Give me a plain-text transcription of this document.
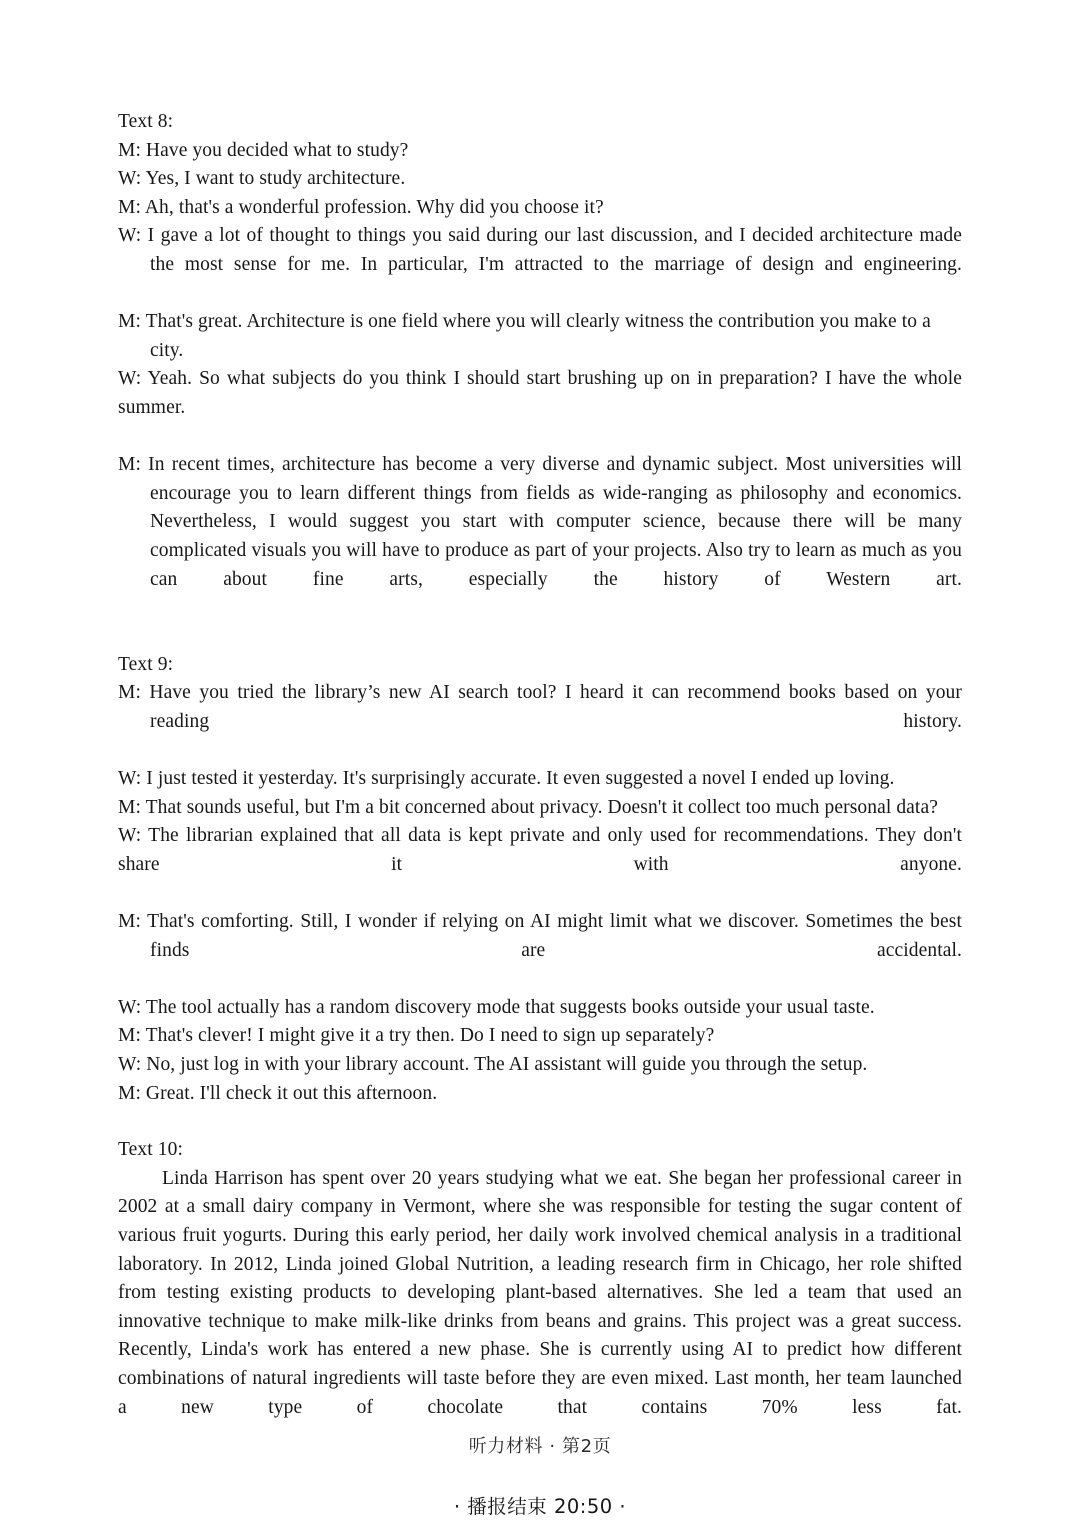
Text 8:

M: Have you decided what to study?

W: Yes, I want to study architecture.

M: Ah, that's a wonderful profession. Why did you choose it?

W: I gave a lot of thought to things you said during our last discussion, and I decided architecture made the most sense for me. In particular, I'm attracted to the marriage of design and engineering.

M: That's great. Architecture is one field where you will clearly witness the contribution you make to a city.

W: Yeah. So what subjects do you think I should start brushing up on in preparation? I have the whole summer.

M: In recent times, architecture has become a very diverse and dynamic subject. Most universities will encourage you to learn different things from fields as wide-ranging as philosophy and economics. Nevertheless, I would suggest you start with computer science, because there will be many complicated visuals you will have to produce as part of your projects. Also try to learn as much as you can about fine arts, especially the history of Western art.

Text 9:

M: Have you tried the library’s new AI search tool? I heard it can recommend books based on your reading history.

W: I just tested it yesterday. It's surprisingly accurate. It even suggested a novel I ended up loving.

M: That sounds useful, but I'm a bit concerned about privacy. Doesn't it collect too much personal data?

W: The librarian explained that all data is kept private and only used for recommendations. They don't share it with anyone.

M: That's comforting. Still, I wonder if relying on AI might limit what we discover. Sometimes the best finds are accidental.

W: The tool actually has a random discovery mode that suggests books outside your usual taste.

M: That's clever! I might give it a try then. Do I need to sign up separately?

W: No, just log in with your library account. The AI assistant will guide you through the setup.

M: Great. I'll check it out this afternoon.

Text 10:

Linda Harrison has spent over 20 years studying what we eat. She began her professional career in 2002 at a small dairy company in Vermont, where she was responsible for testing the sugar content of various fruit yogurts. During this early period, her daily work involved chemical analysis in a traditional laboratory. In 2012, Linda joined Global Nutrition, a leading research firm in Chicago, her role shifted from testing existing products to developing plant-based alternatives. She led a team that used an innovative technique to make milk-like drinks from beans and grains. This project was a great success. Recently, Linda's work has entered a new phase. She is currently using AI to predict how different combinations of natural ingredients will taste before they are even mixed. Last month, her team launched a new type of chocolate that contains 70% less fat.

· 播报结束 20:50 ·
听力材料 · 第2页
